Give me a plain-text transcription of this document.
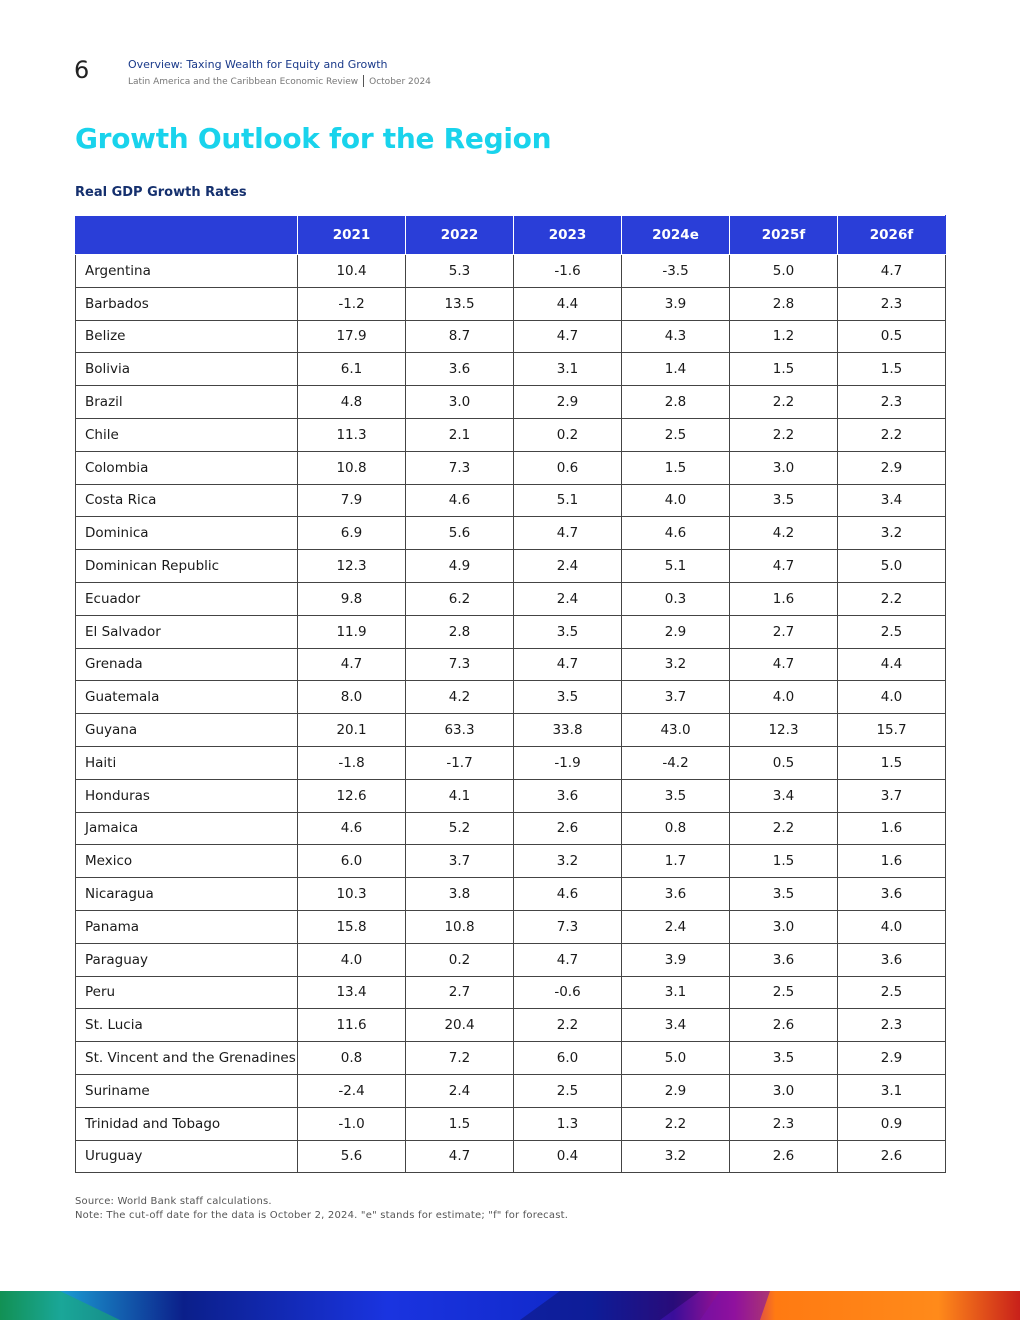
6	Overview: Taxing Wealth for Equity and Growth
Latin America and the Caribbean Economic Review October 2024
Growth Outlook for the Region
Real GDP Growth Rates
	2021	2022	2023	2024e	2025f	2026f
Argentina	10.4	5.3	-1.6	-3.5	5.0	4.7
Barbados	-1.2	13.5	4.4	3.9	2.8	2.3
Belize	17.9	8.7	4.7	4.3	1.2	0.5
Bolivia	6.1	3.6	3.1	1.4	1.5	1.5
Brazil	4.8	3.0	2.9	2.8	2.2	2.3
Chile	11.3	2.1	0.2	2.5	2.2	2.2
Colombia	10.8	7.3	0.6	1.5	3.0	2.9
Costa Rica	7.9	4.6	5.1	4.0	3.5	3.4
Dominica	6.9	5.6	4.7	4.6	4.2	3.2
Dominican Republic	12.3	4.9	2.4	5.1	4.7	5.0
Ecuador	9.8	6.2	2.4	0.3	1.6	2.2
El Salvador	11.9	2.8	3.5	2.9	2.7	2.5
Grenada	4.7	7.3	4.7	3.2	4.7	4.4
Guatemala	8.0	4.2	3.5	3.7	4.0	4.0
Guyana	20.1	63.3	33.8	43.0	12.3	15.7
Haiti	-1.8	-1.7	-1.9	-4.2	0.5	1.5
Honduras	12.6	4.1	3.6	3.5	3.4	3.7
Jamaica	4.6	5.2	2.6	0.8	2.2	1.6
Mexico	6.0	3.7	3.2	1.7	1.5	1.6
Nicaragua	10.3	3.8	4.6	3.6	3.5	3.6
Panama	15.8	10.8	7.3	2.4	3.0	4.0
Paraguay	4.0	0.2	4.7	3.9	3.6	3.6
Peru	13.4	2.7	-0.6	3.1	2.5	2.5
St. Lucia	11.6	20.4	2.2	3.4	2.6	2.3
St. Vincent and the Grenadines	0.8	7.2	6.0	5.0	3.5	2.9
Suriname	-2.4	2.4	2.5	2.9	3.0	3.1
Trinidad and Tobago	-1.0	1.5	1.3	2.2	2.3	0.9
Uruguay	5.6	4.7	0.4	3.2	2.6	2.6
Source: World Bank staff calculations.
Note: The cut-off date for the data is October 2, 2024. "e" stands for estimate; "f" for forecast.
